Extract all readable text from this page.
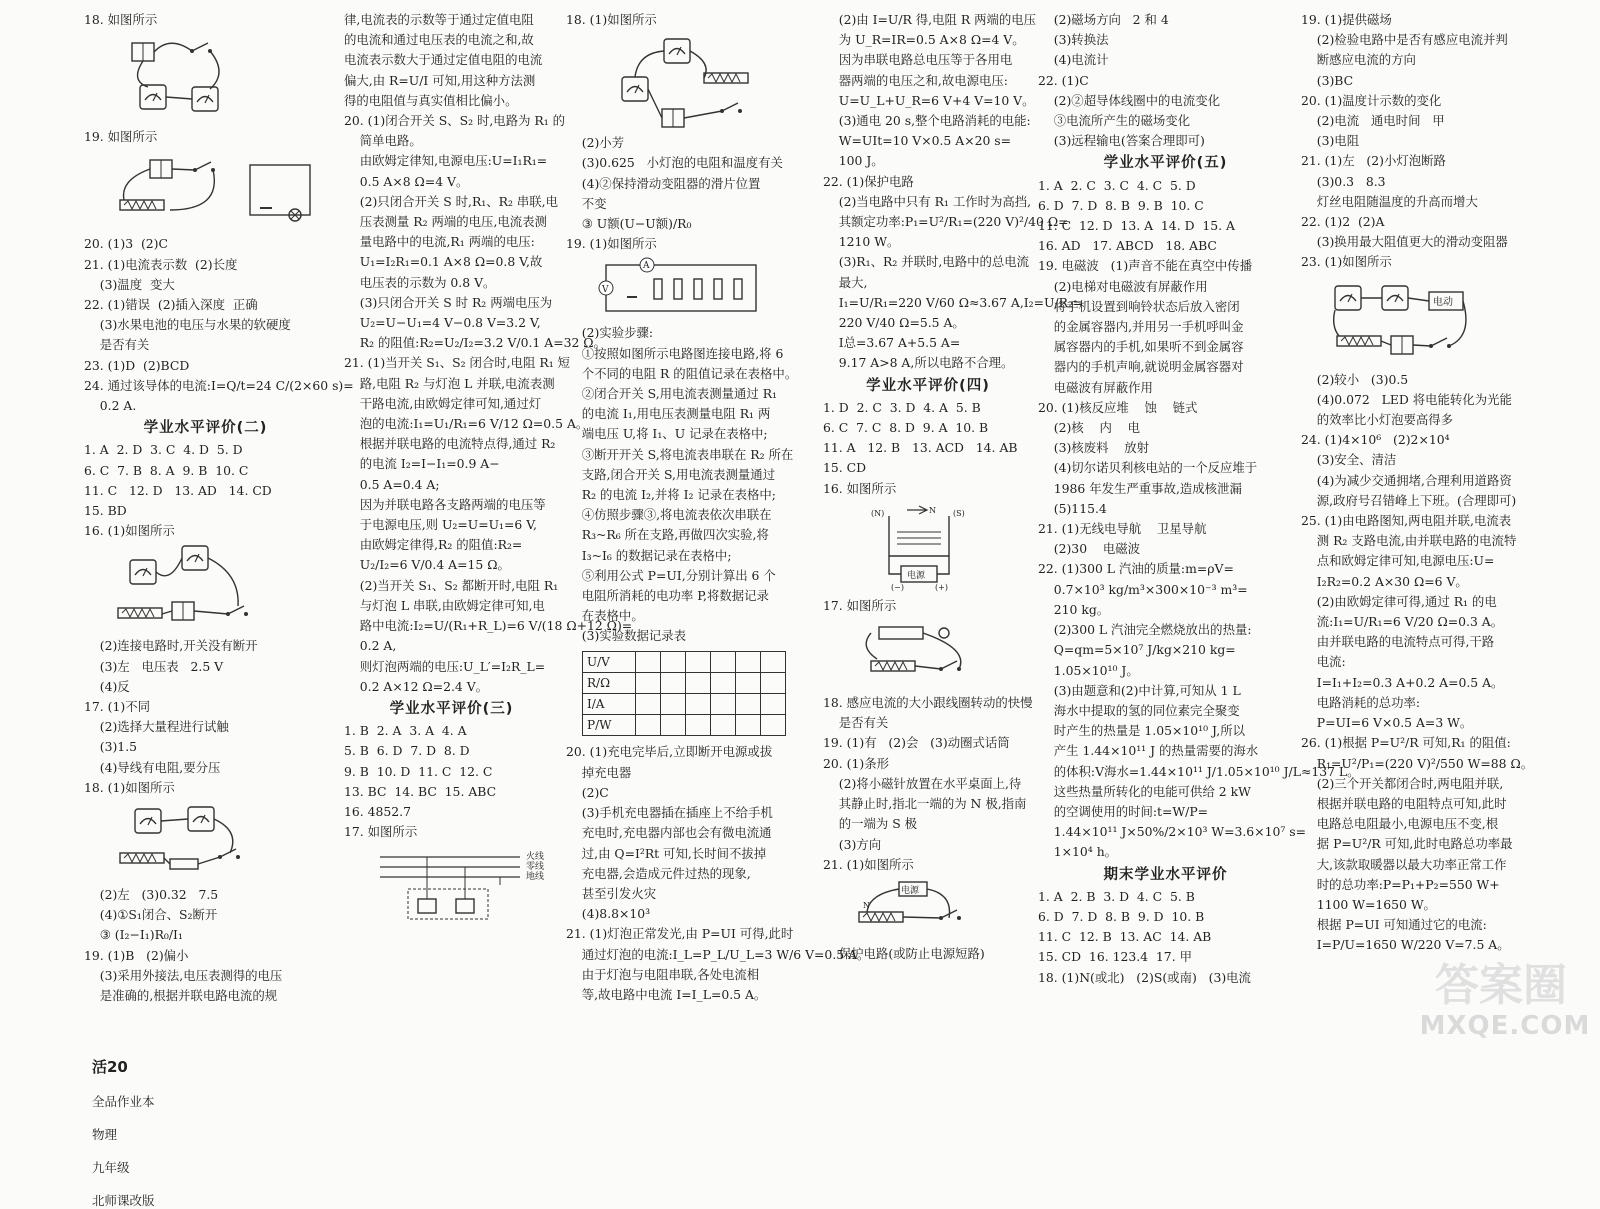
18. 如图所示
19. 如图所示
20. (1)3  (2)C
21. (1)电流表示数  (2)长度
(3)温度  变大
22. (1)错误  (2)插入深度  正确
(3)水果电池的电压与水果的软硬度
是否有关
23. (1)D  (2)BCD
24. 通过该导体的电流:I=Q/t=24 C/(2×60 s)=
0.2 A.
学业水平评价(二)
1. A  2. D  3. C  4. D  5. D
6. C  7. B  8. A  9. B  10. C
11. C   12. D   13. AD   14. CD
15. BD
16. (1)如图所示
(2)连接电路时,开关没有断开
(3)左   电压表   2.5 V
(4)反
17. (1)不同
(2)选择大量程进行试触
(3)1.5
(4)导线有电阻,要分压
18. (1)如图所示
(2)左   (3)0.32   7.5
(4)①S₁闭合、S₂断开
③ (I₂−I₁)R₀/I₁
19. (1)B   (2)偏小
(3)采用外接法,电压表测得的电压
是准确的,根据并联电路电流的规
律,电流表的示数等于通过定值电阻
的电流和通过电压表的电流之和,故
电流表示数大于通过定值电阻的电流
偏大,由 R=U/I 可知,用这种方法测
得的电阻值与真实值相比偏小。
20. (1)闭合开关 S、S₂ 时,电路为 R₁ 的
简单电路。
由欧姆定律知,电源电压:U=I₁R₁=
0.5 A×8 Ω=4 V。
(2)只闭合开关 S 时,R₁、R₂ 串联,电
压表测量 R₂ 两端的电压,电流表测
量电路中的电流,R₁ 两端的电压:
U₁=I₂R₁=0.1 A×8 Ω=0.8 V,故
电压表的示数为 0.8 V。
(3)只闭合开关 S 时 R₂ 两端电压为
U₂=U−U₁=4 V−0.8 V=3.2 V,
R₂ 的阻值:R₂=U₂/I₂=3.2 V/0.1 A=32 Ω。
21. (1)当开关 S₁、S₂ 闭合时,电阻 R₁ 短
路,电阻 R₂ 与灯泡 L 并联,电流表测
干路电流,由欧姆定律可知,通过灯
泡的电流:I₁=U₁/R₁=6 V/12 Ω=0.5 A。
根据并联电路的电流特点得,通过 R₂
的电流 I₂=I−I₁=0.9 A−
0.5 A=0.4 A;
因为并联电路各支路两端的电压等
于电源电压,则 U₂=U=U₁=6 V,
由欧姆定律得,R₂ 的阻值:R₂=
U₂/I₂=6 V/0.4 A=15 Ω。
(2)当开关 S₁、S₂ 都断开时,电阻 R₁
与灯泡 L 串联,由欧姆定律可知,电
路中电流:I₂=U/(R₁+R_L)=6 V/(18 Ω+12 Ω)=
0.2 A,
则灯泡两端的电压:U_L′=I₂R_L=
0.2 A×12 Ω=2.4 V。
学业水平评价(三)
1. B  2. A  3. A  4. A
5. B  6. D  7. D  8. D
9. B  10. D  11. C  12. C
13. BC  14. BC  15. ABC
16. 4852.7
17. 如图所示
火线
零线
地线
18. (1)如图所示
(2)小芳
(3)0.625   小灯泡的电阻和温度有关
(4)②保持滑动变阻器的滑片位置
不变
③ U额(U−U额)/R₀
19. (1)如图所示
V
A
(2)实验步骤:
①按照如图所示电路图连接电路,将 6
个不同的电阻 R 的阻值记录在表格中。
②闭合开关 S,用电流表测量通过 R₁
的电流 I₁,用电压表测量电阻 R₁ 两
端电压 U,将 I₁、U 记录在表格中;
③断开开关 S,将电流表串联在 R₂ 所在
支路,闭合开关 S,用电流表测量通过
R₂ 的电流 I₂,并将 I₂ 记录在表格中;
④仿照步骤③,将电流表依次串联在
R₃~R₆ 所在支路,再做四次实验,将
I₃~I₆ 的数据记录在表格中;
⑤利用公式 P=UI,分别计算出 6 个
电阻所消耗的电功率 P,将数据记录
在表格中。
(3)实验数据记录表
U/V						
R/Ω						
I/A						
P/W						
20. (1)充电完毕后,立即断开电源或拔
掉充电器
(2)C
(3)手机充电器插在插座上不给手机
充电时,充电器内部也会有微电流通
过,由 Q=I²Rt 可知,长时间不拔掉
充电器,会造成元件过热的现象,
甚至引发火灾
(4)8.8×10³
21. (1)灯泡正常发光,由 P=UI 可得,此时
通过灯泡的电流:I_L=P_L/U_L=3 W/6 V=0.5 A。
由于灯泡与电阻串联,各处电流相
等,故电路中电流 I=I_L=0.5 A。
(2)由 I=U/R 得,电阻 R 两端的电压
为 U_R=IR=0.5 A×8 Ω=4 V。
因为串联电路总电压等于各用电
器两端的电压之和,故电源电压:
U=U_L+U_R=6 V+4 V=10 V。
(3)通电 20 s,整个电路消耗的电能:
W=UIt=10 V×0.5 A×20 s=
100 J。
22. (1)保护电路
(2)当电路中只有 R₁ 工作时为高挡,
其额定功率:P₁=U²/R₁=(220 V)²/40 Ω=
1210 W。
(3)R₁、R₂ 并联时,电路中的总电流
最大,
I₁=U/R₁=220 V/60 Ω≈3.67 A,I₂=U/R₂=
220 V/40 Ω=5.5 A。
I总=3.67 A+5.5 A=
9.17 A>8 A,所以电路不合理。
学业水平评价(四)
1. D  2. C  3. D  4. A  5. B
6. C  7. C  8. D  9. A  10. B
11. A   12. B   13. ACD   14. AB
15. CD
16. 如图所示
(N)	(S)
N
电源
(−)	(+)
17. 如图所示
18. 感应电流的大小跟线圈转动的快慢
是否有关
19. (1)有   (2)会   (3)动圈式话筒
20. (1)条形
(2)将小磁针放置在水平桌面上,待
其静止时,指北一端的为 N 极,指南
的一端为 S 极
(3)方向
21. (1)如图所示
电源
N
保护电路(或防止电源短路)
(2)磁场方向   2 和 4
(3)转换法
(4)电流计
22. (1)C
(2)②超导体线圈中的电流变化
③电流所产生的磁场变化
(3)远程输电(答案合理即可)
学业水平评价(五)
1. A  2. C  3. C  4. C  5. D
6. D  7. D  8. B  9. B  10. C
11. C  12. D  13. A  14. D  15. A
16. AD   17. ABCD   18. ABC
19. 电磁波   (1)声音不能在真空中传播
(2)电梯对电磁波有屏蔽作用
将手机设置到响铃状态后放入密闭
的金属容器内,并用另一手机呼叫金
属容器内的手机,如果听不到金属容
器内的手机声响,就说明金属容器对
电磁波有屏蔽作用
20. (1)核反应堆    蚀    链式
(2)核    内    电
(3)核废料    放射
(4)切尔诺贝利核电站的一个反应堆于
1986 年发生严重事故,造成核泄漏
(5)115.4
21. (1)无线电导航    卫星导航
(2)30    电磁波
22. (1)300 L 汽油的质量:m=ρV=
0.7×10³ kg/m³×300×10⁻³ m³=
210 kg。
(2)300 L 汽油完全燃烧放出的热量:
Q=qm=5×10⁷ J/kg×210 kg=
1.05×10¹⁰ J。
(3)由题意和(2)中计算,可知从 1 L
海水中提取的氢的同位素完全聚变
时产生的热量是 1.05×10¹⁰ J,所以
产生 1.44×10¹¹ J 的热量需要的海水
的体积:V海水=1.44×10¹¹ J/1.05×10¹⁰ J/L≈137 L。
这些热量所转化的电能可供给 2 kW
的空调使用的时间:t=W/P=
1.44×10¹¹ J×50%/2×10³ W=3.6×10⁷ s=
1×10⁴ h。
期末学业水平评价
1. A  2. B  3. D  4. C  5. B
6. D  7. D  8. B  9. D  10. B
11. C  12. B  13. AC  14. AB
15. CD  16. 123.4  17. 甲
18. (1)N(或北)   (2)S(或南)   (3)电流
19. (1)提供磁场
(2)检验电路中是否有感应电流并判
断感应电流的方向
(3)BC
20. (1)温度计示数的变化
(2)电流   通电时间   甲
(3)电阻
21. (1)左   (2)小灯泡断路
(3)0.3   8.3
灯丝电阻随温度的升高而增大
22. (1)2  (2)A
(3)换用最大阻值更大的滑动变阻器
23. (1)如图所示
电动
(2)较小   (3)0.5
(4)0.072   LED 将电能转化为光能
的效率比小灯泡要高得多
24. (1)4×10⁶   (2)2×10⁴
(3)安全、清洁
(4)为减少交通拥堵,合理利用道路资
源,政府号召错峰上下班。(合理即可)
25. (1)由电路图知,两电阻并联,电流表
测 R₂ 支路电流,由并联电路的电流特
点和欧姆定律可知,电源电压:U=
I₂R₂=0.2 A×30 Ω=6 V。
(2)由欧姆定律可得,通过 R₁ 的电
流:I₁=U/R₁=6 V/20 Ω=0.3 A。
由并联电路的电流特点可得,干路
电流:
I=I₁+I₂=0.3 A+0.2 A=0.5 A。
电路消耗的总功率:
P=UI=6 V×0.5 A=3 W。
26. (1)根据 P=U²/R 可知,R₁ 的阻值:
R₁=U²/P₁=(220 V)²/550 W=88 Ω。
(2)三个开关都闭合时,两电阻并联,
根据并联电路的电阻特点可知,此时
电路总电阻最小,电源电压不变,根
据 P=U²/R 可知,此时电路总功率最
大,该款取暖器以最大功率正常工作
时的总功率:P=P₁+P₂=550 W+
1100 W=1650 W。
根据 P=UI 可知通过它的电流:
I=P/U=1650 W/220 V=7.5 A。

活20

全品作业本

物理

九年级

北师课改版

答案圈
MXQE.COM
